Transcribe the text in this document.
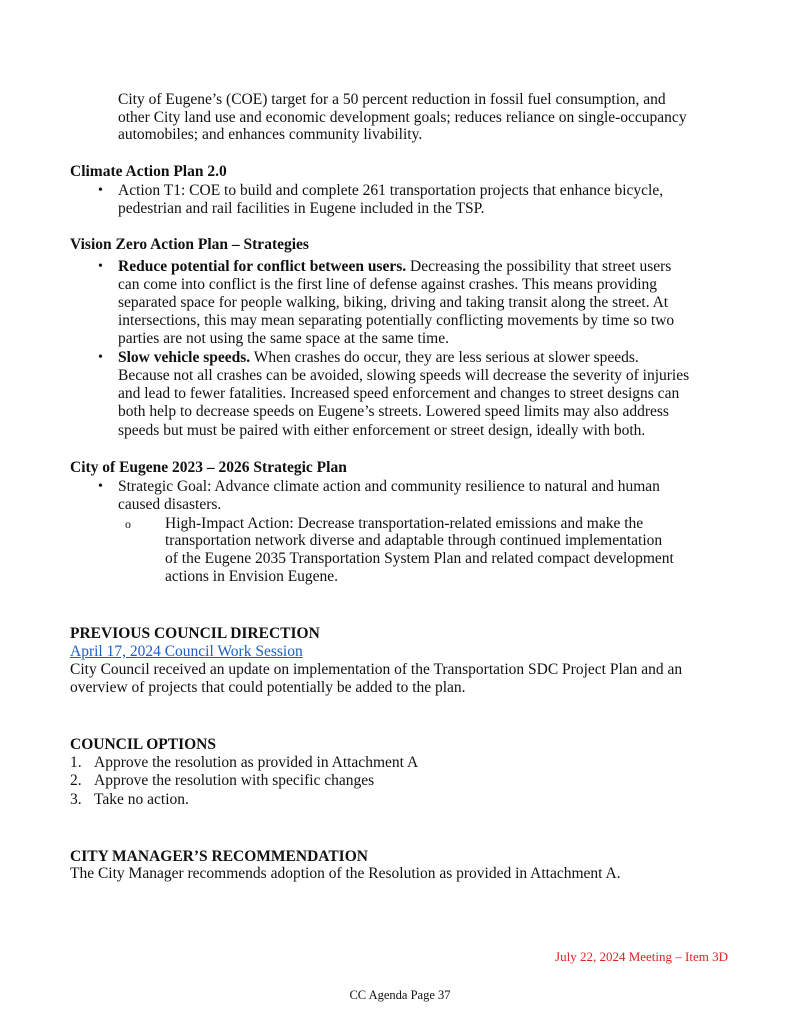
City of Eugene’s (COE) target for a 50 percent reduction in fossil fuel consumption, and
other City land use and economic development goals; reduces reliance on single-occupancy
automobiles; and enhances community livability.
Climate Action Plan 2.0
• Action T1: COE to build and complete 261 transportation projects that enhance bicycle,
pedestrian and rail facilities in Eugene included in the TSP.
Vision Zero Action Plan – Strategies
• Reduce potential for conflict between users. Decreasing the possibility that street users
can come into conflict is the first line of defense against crashes. This means providing
separated space for people walking, biking, driving and taking transit along the street. At
intersections, this may mean separating potentially conflicting movements by time so two
parties are not using the same space at the same time.
• Slow vehicle speeds. When crashes do occur, they are less serious at slower speeds.
Because not all crashes can be avoided, slowing speeds will decrease the severity of injuries
and lead to fewer fatalities. Increased speed enforcement and changes to street designs can
both help to decrease speeds on Eugene’s streets. Lowered speed limits may also address
speeds but must be paired with either enforcement or street design, ideally with both.
City of Eugene 2023 – 2026 Strategic Plan
• Strategic Goal: Advance climate action and community resilience to natural and human
caused disasters.
o High-Impact Action: Decrease transportation-related emissions and make the
transportation network diverse and adaptable through continued implementation
of the Eugene 2035 Transportation System Plan and related compact development
actions in Envision Eugene.
PREVIOUS COUNCIL DIRECTION
April 17, 2024 Council Work Session
City Council received an update on implementation of the Transportation SDC Project Plan and an
overview of projects that could potentially be added to the plan.
COUNCIL OPTIONS
1. Approve the resolution as provided in Attachment A
2. Approve the resolution with specific changes
3. Take no action.
CITY MANAGER’S RECOMMENDATION
The City Manager recommends adoption of the Resolution as provided in Attachment A.
July 22, 2024 Meeting – Item 3D
CC Agenda Page 37
